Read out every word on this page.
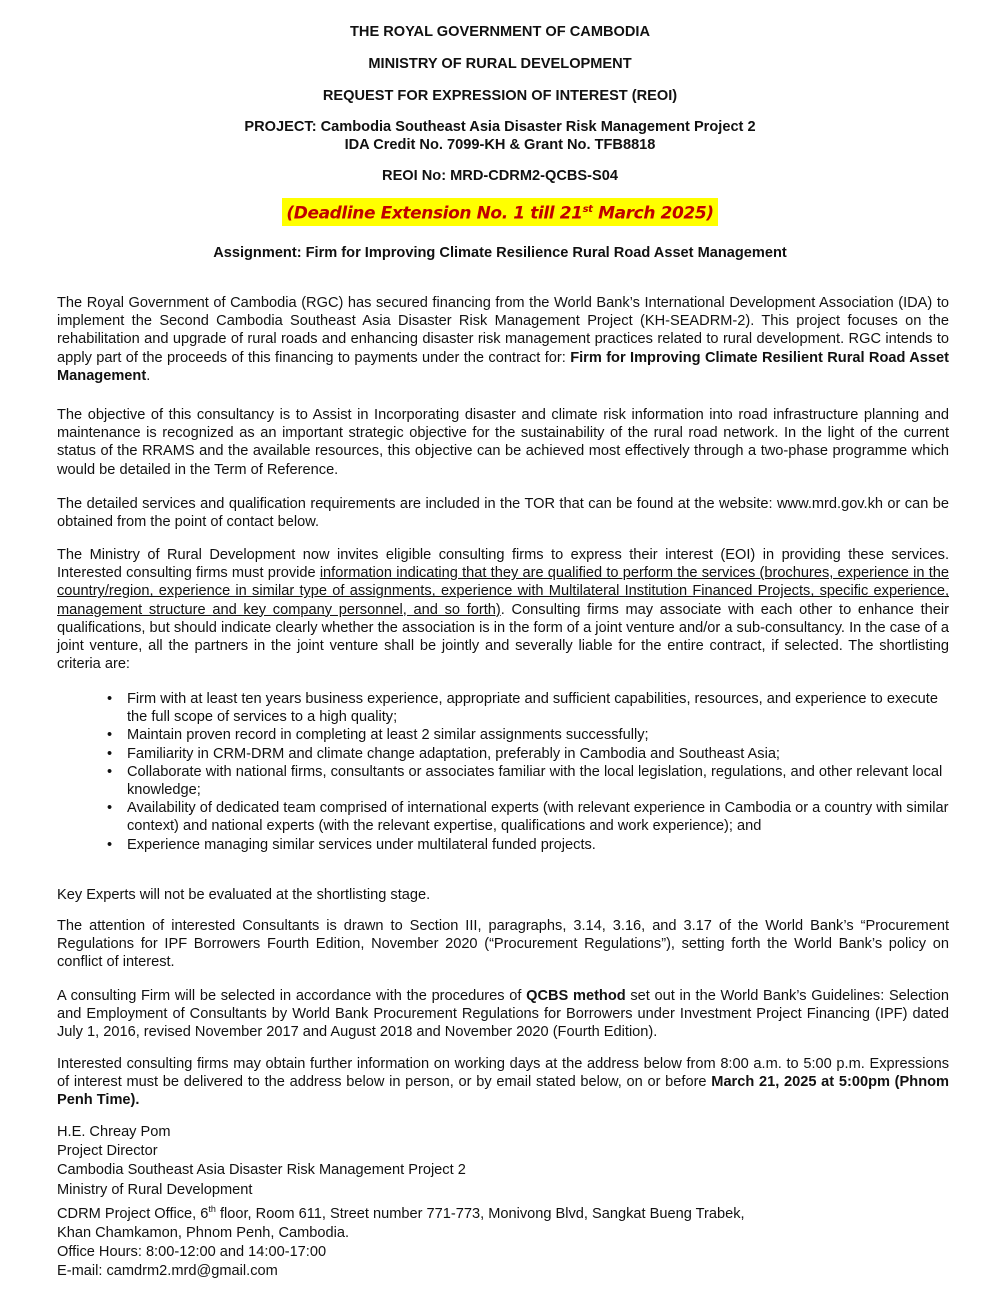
THE ROYAL GOVERNMENT OF CAMBODIA
MINISTRY OF RURAL DEVELOPMENT
REQUEST FOR EXPRESSION OF INTEREST (REOI)
PROJECT: Cambodia Southeast Asia Disaster Risk Management Project 2
IDA Credit No. 7099-KH & Grant No. TFB8818
REOI No: MRD-CDRM2-QCBS-S04
(Deadline Extension No. 1 till 21st March 2025)
Assignment: Firm for Improving Climate Resilience Rural Road Asset Management

The Royal Government of Cambodia (RGC) has secured financing from the World Bank’s International Development Association (IDA) to implement the Second Cambodia Southeast Asia Disaster Risk Management Project (KH-SEADRM-2). This project focuses on the rehabilitation and upgrade of rural roads and enhancing disaster risk management practices related to rural development. RGC intends to apply part of the proceeds of this financing to payments under the contract for: Firm for Improving Climate Resilient Rural Road Asset Management.

The objective of this consultancy is to Assist in Incorporating disaster and climate risk information into road infrastructure planning and maintenance is recognized as an important strategic objective for the sustainability of the rural road network. In the light of the current status of the RRAMS and the available resources, this objective can be achieved most effectively through a two-phase programme which would be detailed in the Term of Reference.
The detailed services and qualification requirements are included in the TOR that can be found at the website: www.mrd.gov.kh or can be obtained from the point of contact below.

The Ministry of Rural Development now invites eligible consulting firms to express their interest (EOI) in providing these services. Interested consulting firms must provide information indicating that they are qualified to perform the services (brochures, experience in the country/region, experience in similar type of assignments, experience with Multilateral Institution Financed Projects, specific experience, management structure and key company personnel, and so forth). Consulting firms may associate with each other to enhance their qualifications, but should indicate clearly whether the association is in the form of a joint venture and/or a sub-consultancy. In the case of a joint venture, all the partners in the joint venture shall be jointly and severally liable for the entire contract, if selected. The shortlisting criteria are:

• Firm with at least ten years business experience, appropriate and sufficient capabilities, resources, and experience to execute the full scope of services to a high quality;
• Maintain proven record in completing at least 2 similar assignments successfully;
• Familiarity in CRM-DRM and climate change adaptation, preferably in Cambodia and Southeast Asia;
• Collaborate with national firms, consultants or associates familiar with the local legislation, regulations, and other relevant local knowledge;
• Availability of dedicated team comprised of international experts (with relevant experience in Cambodia or a country with similar context) and national experts (with the relevant expertise, qualifications and work experience); and
• Experience managing similar services under multilateral funded projects.
Key Experts will not be evaluated at the shortlisting stage.
The attention of interested Consultants is drawn to Section III, paragraphs, 3.14, 3.16, and 3.17 of the World Bank’s “Procurement Regulations for IPF Borrowers Fourth Edition, November 2020 (“Procurement Regulations”), setting forth the World Bank’s policy on conflict of interest.

A consulting Firm will be selected in accordance with the procedures of QCBS method set out in the World Bank’s Guidelines: Selection and Employment of Consultants by World Bank Procurement Regulations for Borrowers under Investment Project Financing (IPF) dated July 1, 2016, revised November 2017 and August 2018 and November 2020 (Fourth Edition).

Interested consulting firms may obtain further information on working days at the address below from 8:00 a.m. to 5:00 p.m. Expressions of interest must be delivered to the address below in person, or by email stated below, on or before March 21, 2025 at 5:00pm (Phnom Penh Time).

H.E. Chreay Pom
Project Director
Cambodia Southeast Asia Disaster Risk Management Project 2
Ministry of Rural Development
CDRM Project Office, 6th floor, Room 611, Street number 771-773, Monivong Blvd, Sangkat Bueng Trabek,
Khan Chamkamon, Phnom Penh, Cambodia.
Office Hours: 8:00-12:00 and 14:00-17:00
E-mail: camdrm2.mrd@gmail.com
